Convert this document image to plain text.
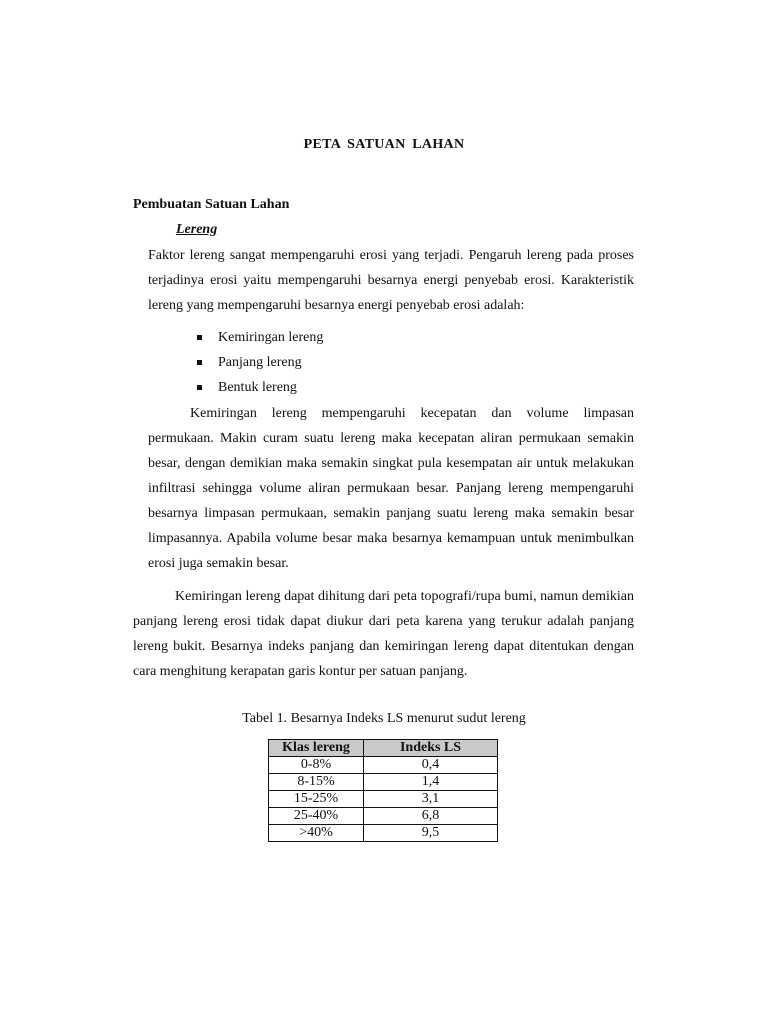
PETA SATUAN LAHAN
Pembuatan Satuan Lahan
Lereng
Faktor lereng sangat mempengaruhi erosi yang terjadi. Pengaruh lereng pada proses terjadinya erosi yaitu mempengaruhi besarnya energi penyebab erosi. Karakteristik lereng yang mempengaruhi besarnya energi penyebab erosi adalah:
Kemiringan lereng
Panjang lereng
Bentuk lereng
Kemiringan lereng mempengaruhi kecepatan dan volume limpasan permukaan. Makin curam suatu lereng maka kecepatan aliran permukaan semakin besar, dengan demikian maka semakin singkat pula kesempatan air untuk melakukan infiltrasi sehingga volume aliran permukaan besar. Panjang lereng mempengaruhi besarnya limpasan permukaan, semakin panjang suatu lereng maka semakin besar limpasannya. Apabila volume besar maka besarnya kemampuan untuk menimbulkan erosi juga semakin besar.
Kemiringan lereng dapat dihitung dari peta topografi/rupa bumi, namun demikian panjang lereng erosi tidak dapat diukur dari peta karena yang terukur adalah panjang lereng bukit. Besarnya indeks panjang dan kemiringan lereng dapat ditentukan dengan cara menghitung kerapatan garis kontur per satuan panjang.
Tabel 1. Besarnya Indeks LS menurut sudut lereng
Klas lereng	Indeks LS
0-8%	0,4
8-15%	1,4
15-25%	3,1
25-40%	6,8
>40%	9,5
